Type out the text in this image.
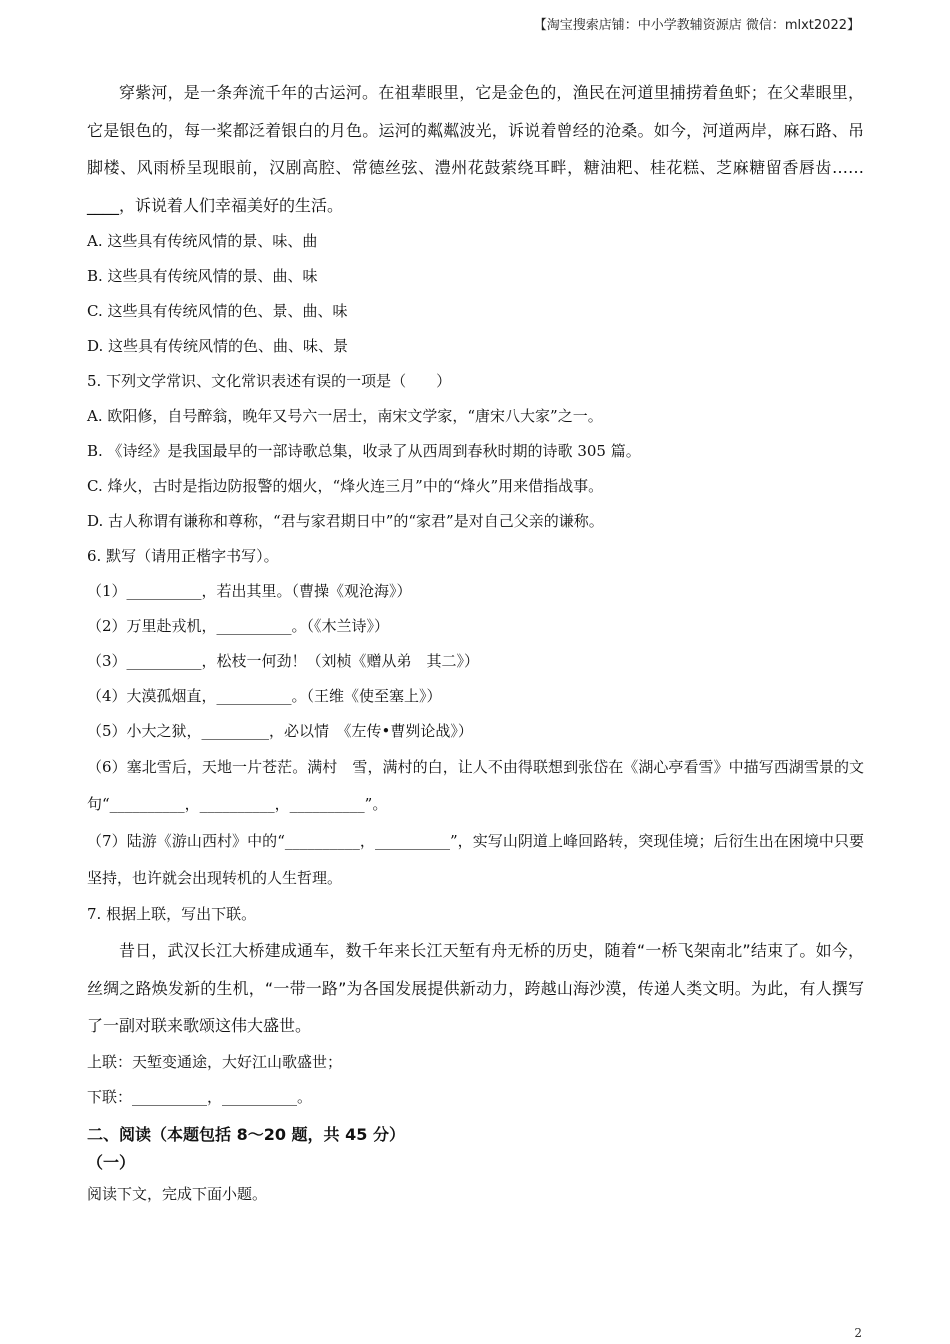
【淘宝搜索店铺：中小学教辅资源店 微信：mlxt2022】

穿紫河，是一条奔流千年的古运河。在祖辈眼里，它是金色的，渔民在河道里捕捞着鱼虾；在父辈眼里，它是银色的，每一桨都泛着银白的月色。运河的粼粼波光，诉说着曾经的沧桑。如今，河道两岸，麻石路、吊脚楼、风雨桥呈现眼前，汉剧高腔、常德丝弦、澧州花鼓萦绕耳畔，糖油粑、桂花糕、芝麻糖留香唇齿……____，诉说着人们幸福美好的生活。

A. 这些具有传统风情的景、味、曲

B. 这些具有传统风情的景、曲、味

C. 这些具有传统风情的色、景、曲、味

D. 这些具有传统风情的色、曲、味、景

5. 下列文学常识、文化常识表述有误的一项是（　　）

A. 欧阳修，自号醉翁，晚年又号六一居士，南宋文学家，“唐宋八大家”之一。

B. 《诗经》是我国最早的一部诗歌总集，收录了从西周到春秋时期的诗歌 305 篇。

C. 烽火，古时是指边防报警的烟火，“烽火连三月”中的“烽火”用来借指战事。

D. 古人称谓有谦称和尊称，“君与家君期日中”的“家君”是对自己父亲的谦称。

6. 默写（请用正楷字书写）。

（1）__________，若出其里。（曹操《观沧海》）

（2）万里赴戎机，__________。（《木兰诗》）

（3）__________，松枝一何劲！（刘桢《赠从弟　其二》）

（4）大漠孤烟直，__________。（王维《使至塞上》）

（5）小大之狱，_________，必以情　《左传•曹刿论战》）

（6）塞北雪后，天地一片苍茫。满村　雪，满村的白，让人不由得联想到张岱在《湖心亭看雪》中描写西湖雪景的文句“__________，__________，__________”。

（7）陆游《游山西村》中的“__________，__________”，实写山阴道上峰回路转，突现佳境；后衍生出在困境中只要坚持，也许就会出现转机的人生哲理。

7. 根据上联，写出下联。

昔日，武汉长江大桥建成通车，数千年来长江天堑有舟无桥的历史，随着“一桥飞架南北”结束了。如今，丝绸之路焕发新的生机，“一带一路”为各国发展提供新动力，跨越山海沙漠，传递人类文明。为此，有人撰写了一副对联来歌颂这伟大盛世。

上联：天堑变通途，大好江山歌盛世；

下联：__________，__________。

二、阅读（本题包括 8～20 题，共 45 分）

（一）

阅读下文，完成下面小题。

2
